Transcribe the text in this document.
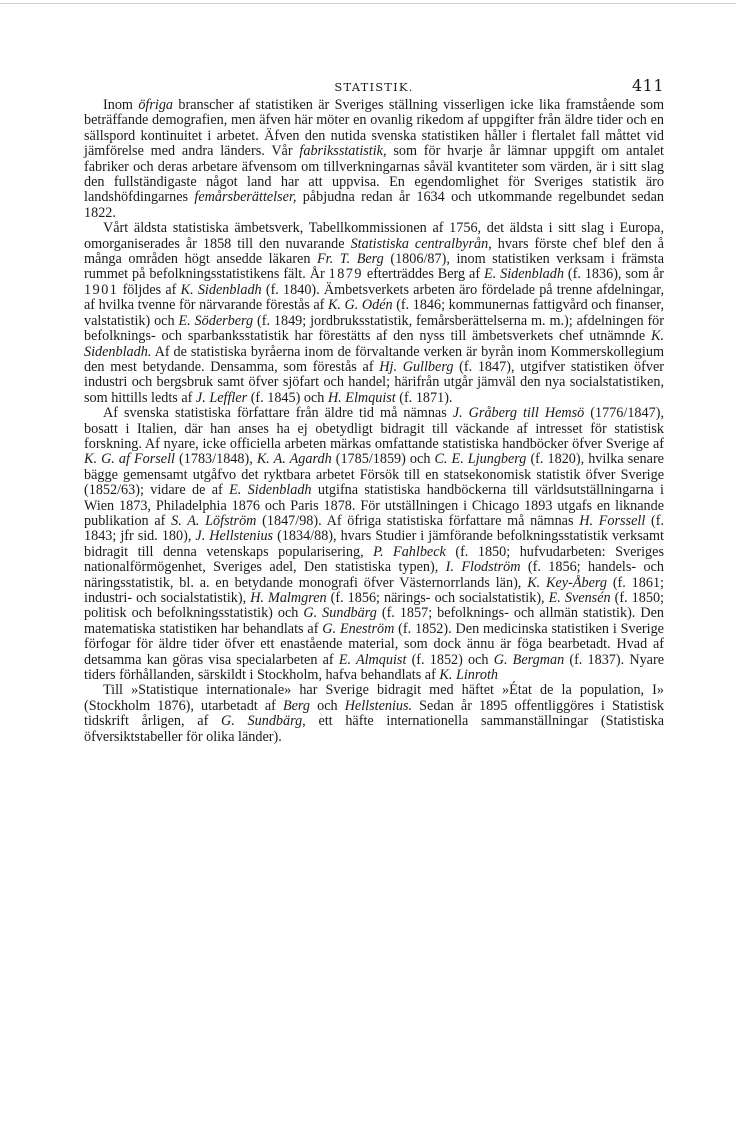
STATISTIK.	411

Inom öfriga branscher af statistiken är Sveriges ställning visserligen icke lika framstående som beträffande demografien, men äfven här möter en ovanlig rikedom af uppgifter från äldre tider och en sällspord kontinuitet i arbetet. Äfven den nutida svenska statistiken håller i flertalet fall måttet vid jämförelse med andra länders. Vår fabriksstatistik, som för hvarje år lämnar uppgift om antalet fabriker och deras arbetare äfvensom om tillverkningarnas såväl kvantiteter som värden, är i sitt slag den fullständigaste något land har att uppvisa. En egendomlighet för Sveriges statistik äro landshöfdingarnes femårsberättelser, påbjudna redan år 1634 och utkommande regelbundet sedan 1822.

Vårt äldsta statistiska ämbetsverk, Tabellkommissionen af 1756, det äldsta i sitt slag i Europa, omorganiserades år 1858 till den nuvarande Statistiska centralbyrån, hvars förste chef blef den å många områden högt ansedde läkaren Fr. T. Berg (1806/87), inom statistiken verksam i främsta rummet på befolkningsstatistikens fält. År 1879 efterträddes Berg af E. Sidenbladh (f. 1836), som år 1901 följdes af K. Sidenbladh (f. 1840). Ämbetsverkets arbeten äro fördelade på trenne afdelningar, af hvilka tvenne för närvarande förestås af K. G. Odén (f. 1846; kommunernas fattigvård och finanser, valstatistik) och E. Söderberg (f. 1849; jordbruksstatistik, femårsberättelserna m. m.); afdelningen för befolknings- och sparbanksstatistik har förestätts af den nyss till ämbetsverkets chef utnämnde K. Sidenbladh. Af de statistiska byråerna inom de förvaltande verken är byrån inom Kommerskollegium den mest betydande. Densamma, som förestås af Hj. Gullberg (f. 1847), utgifver statistiken öfver industri och bergsbruk samt öfver sjöfart och handel; härifrån utgår jämväl den nya socialstatistiken, som hittills ledts af J. Leffler (f. 1845) och H. Elmquist (f. 1871).

Af svenska statistiska författare från äldre tid må nämnas J. Gråberg till Hemsö (1776/1847), bosatt i Italien, där han anses ha ej obetydligt bidragit till väckande af intresset för statistisk forskning. Af nyare, icke officiella arbeten märkas omfattande statistiska handböcker öfver Sverige af K. G. af Forsell (1783/1848), K. A. Agardh (1785/1859) och C. E. Ljungberg (f. 1820), hvilka senare bägge gemensamt utgåfvo det ryktbara arbetet Försök till en statsekonomisk statistik öfver Sverige (1852/63); vidare de af E. Sidenbladh utgifna statistiska handböckerna till världsutställningarna i Wien 1873, Philadelphia 1876 och Paris 1878. För utställningen i Chicago 1893 utgafs en liknande publikation af S. A. Löfström (1847/98). Af öfriga statistiska författare må nämnas H. Forssell (f. 1843; jfr sid. 180), J. Hellstenius (1834/88), hvars Studier i jämförande befolkningsstatistik verksamt bidragit till denna vetenskaps popularisering, P. Fahlbeck (f. 1850; hufvudarbeten: Sveriges nationalförmögenhet, Sveriges adel, Den statistiska typen), I. Flodström (f. 1856; handels- och näringsstatistik, bl. a. en betydande monografi öfver Västernorrlands län), K. Key-Åberg (f. 1861; industri- och socialstatistik), H. Malmgren (f. 1856; närings- och socialstatistik), E. Svensén (f. 1850; politisk och befolkningsstatistik) och G. Sundbärg (f. 1857; befolknings- och allmän statistik). Den matematiska statistiken har behandlats af G. Eneström (f. 1852). Den medicinska statistiken i Sverige förfogar för äldre tider öfver ett enastående material, som dock ännu är föga bearbetadt. Hvad af detsamma kan göras visa specialarbeten af E. Almquist (f. 1852) och G. Bergman (f. 1837). Nyare tiders förhållanden, särskildt i Stockholm, hafva behandlats af K. Linroth

Till »Statistique internationale» har Sverige bidragit med häftet »État de la population, I» (Stockholm 1876), utarbetadt af Berg och Hellstenius. Sedan år 1895 offentliggöres i Statistisk tidskrift årligen, af G. Sundbärg, ett häfte internationella sammanställningar (Statistiska öfversiktstabeller för olika länder).
